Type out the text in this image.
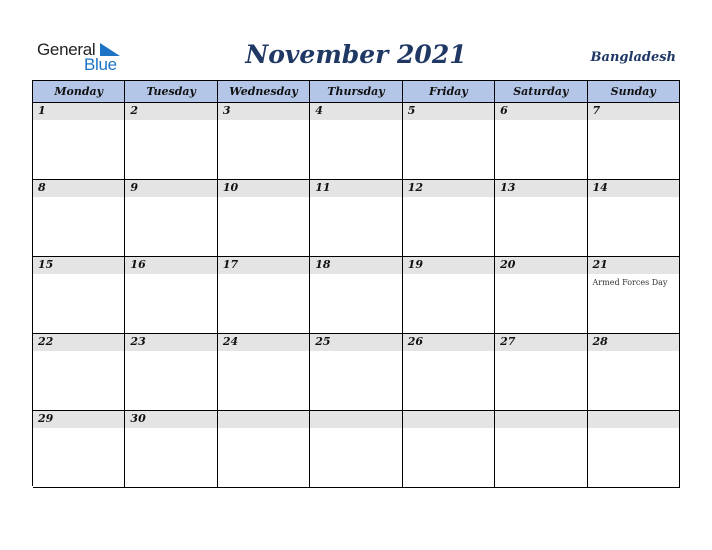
General
Blue	November 2021	Bangladesh
Monday	Tuesday	Wednesday	Thursday	Friday	Saturday	Sunday
1	2	3	4	5	6	7
8	9	10	11	12	13	14
15	16	17	18	19	20	21
Armed Forces Day
22	23	24	25	26	27	28
29	30
